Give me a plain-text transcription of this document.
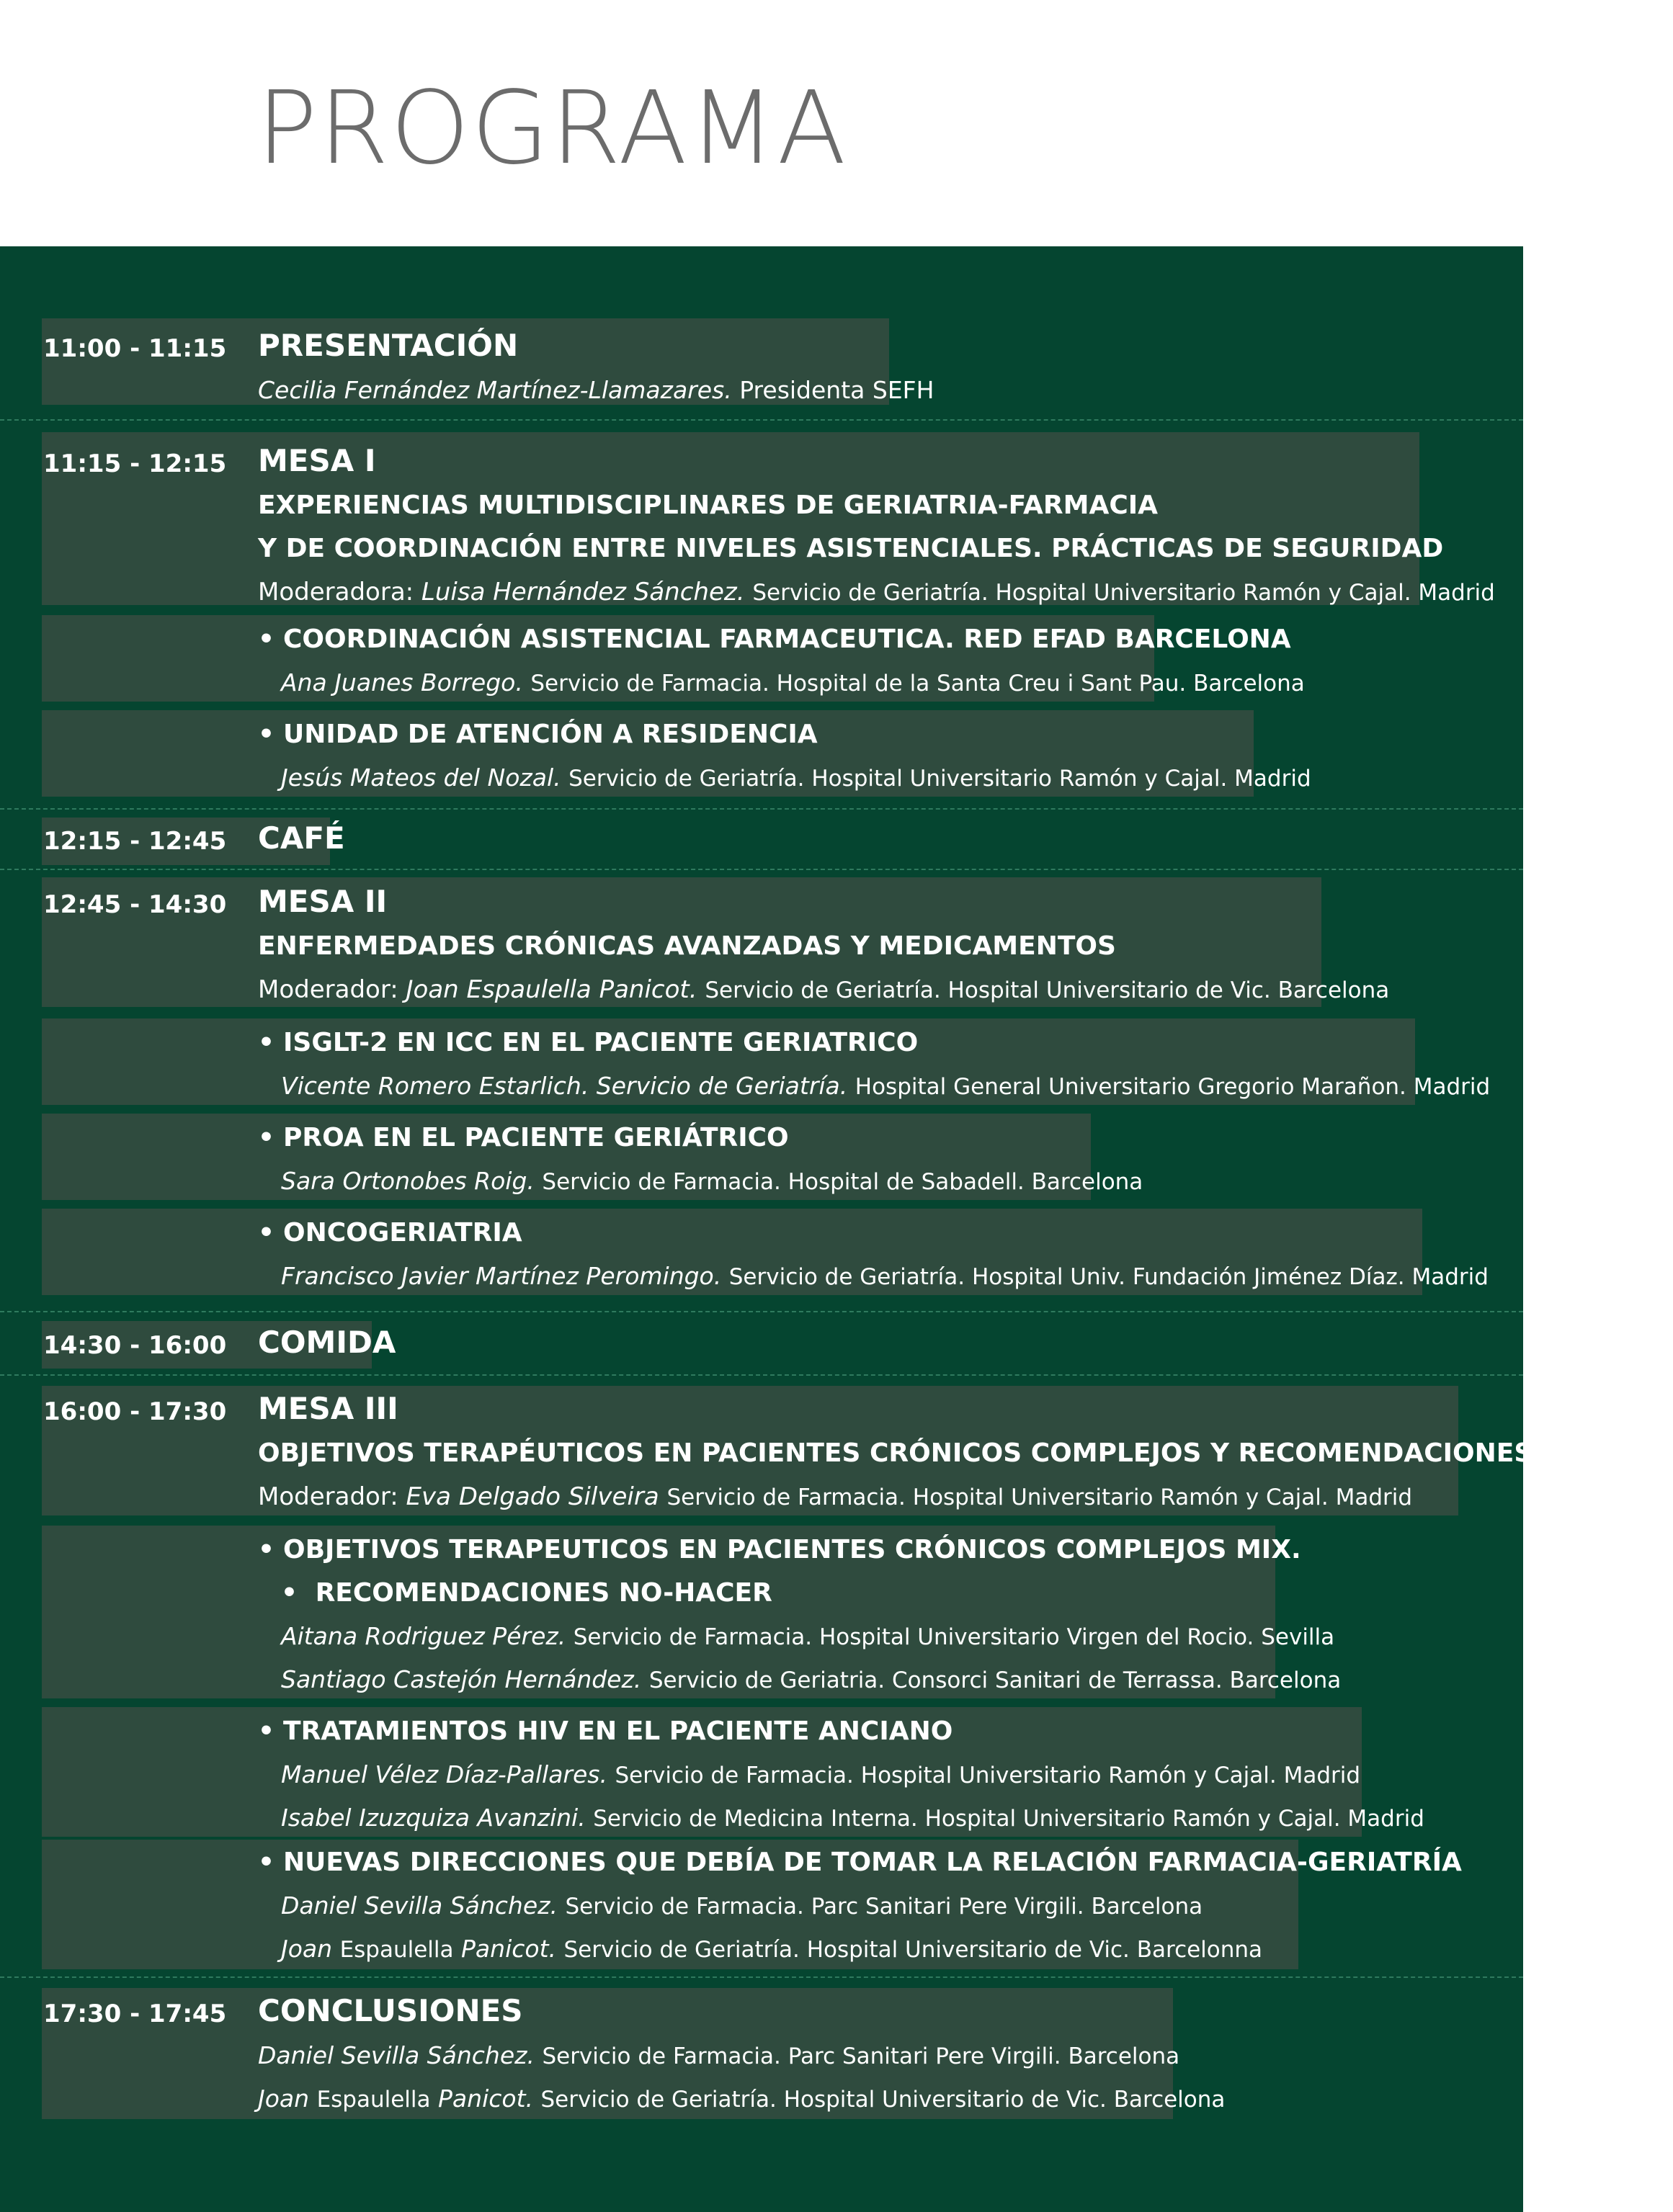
PROGRAMA
11:00 - 11:15 PRESENTACIÓN
Cecilia Fernández Martínez-Llamazares. Presidenta SEFH
11:15 - 12:15 MESA I
EXPERIENCIAS MULTIDISCIPLINARES DE GERIATRIA-FARMACIA
Y DE COORDINACIÓN ENTRE NIVELES ASISTENCIALES. PRÁCTICAS DE SEGURIDAD
Moderadora: Luisa Hernández Sánchez. Servicio de Geriatría. Hospital Universitario Ramón y Cajal. Madrid
• COORDINACIÓN ASISTENCIAL FARMACEUTICA. RED EFAD BARCELONA
Ana Juanes Borrego. Servicio de Farmacia. Hospital de la Santa Creu i Sant Pau. Barcelona
• UNIDAD DE ATENCIÓN A RESIDENCIA
Jesús Mateos del Nozal. Servicio de Geriatría. Hospital Universitario Ramón y Cajal. Madrid
12:15 - 12:45 CAFÉ
12:45 - 14:30 MESA II
ENFERMEDADES CRÓNICAS AVANZADAS Y MEDICAMENTOS
Moderador: Joan Espaulella Panicot. Servicio de Geriatría. Hospital Universitario de Vic. Barcelona
• ISGLT-2 EN ICC EN EL PACIENTE GERIATRICO
Vicente Romero Estarlich. Servicio de Geriatría. Hospital General Universitario Gregorio Marañon. Madrid
• PROA EN EL PACIENTE GERIÁTRICO
Sara Ortonobes Roig. Servicio de Farmacia. Hospital de Sabadell. Barcelona
• ONCOGERIATRIA
Francisco Javier Martínez Peromingo. Servicio de Geriatría. Hospital Univ. Fundación Jiménez Díaz. Madrid
14:30 - 16:00 COMIDA
16:00 - 17:30 MESA III
OBJETIVOS TERAPÉUTICOS EN PACIENTES CRÓNICOS COMPLEJOS Y RECOMENDACIONES NO HACE
Moderador: Eva Delgado Silveira Servicio de Farmacia. Hospital Universitario Ramón y Cajal. Madrid
• OBJETIVOS TERAPEUTICOS EN PACIENTES CRÓNICOS COMPLEJOS MIX.
• RECOMENDACIONES NO-HACER
Aitana Rodriguez Pérez. Servicio de Farmacia. Hospital Universitario Virgen del Rocio. Sevilla
Santiago Castejón Hernández. Servicio de Geriatria. Consorci Sanitari de Terrassa. Barcelona
• TRATAMIENTOS HIV EN EL PACIENTE ANCIANO
Manuel Vélez Díaz-Pallares. Servicio de Farmacia. Hospital Universitario Ramón y Cajal. Madrid
Isabel Izuzquiza Avanzini. Servicio de Medicina Interna. Hospital Universitario Ramón y Cajal. Madrid
• NUEVAS DIRECCIONES QUE DEBÍA DE TOMAR LA RELACIÓN FARMACIA-GERIATRÍA
Daniel Sevilla Sánchez. Servicio de Farmacia. Parc Sanitari Pere Virgili. Barcelona
Joan Espaulella Panicot. Servicio de Geriatría. Hospital Universitario de Vic. Barcelonna
17:30 - 17:45 CONCLUSIONES
Daniel Sevilla Sánchez. Servicio de Farmacia. Parc Sanitari Pere Virgili. Barcelona
Joan Espaulella Panicot. Servicio de Geriatría. Hospital Universitario de Vic. Barcelona
